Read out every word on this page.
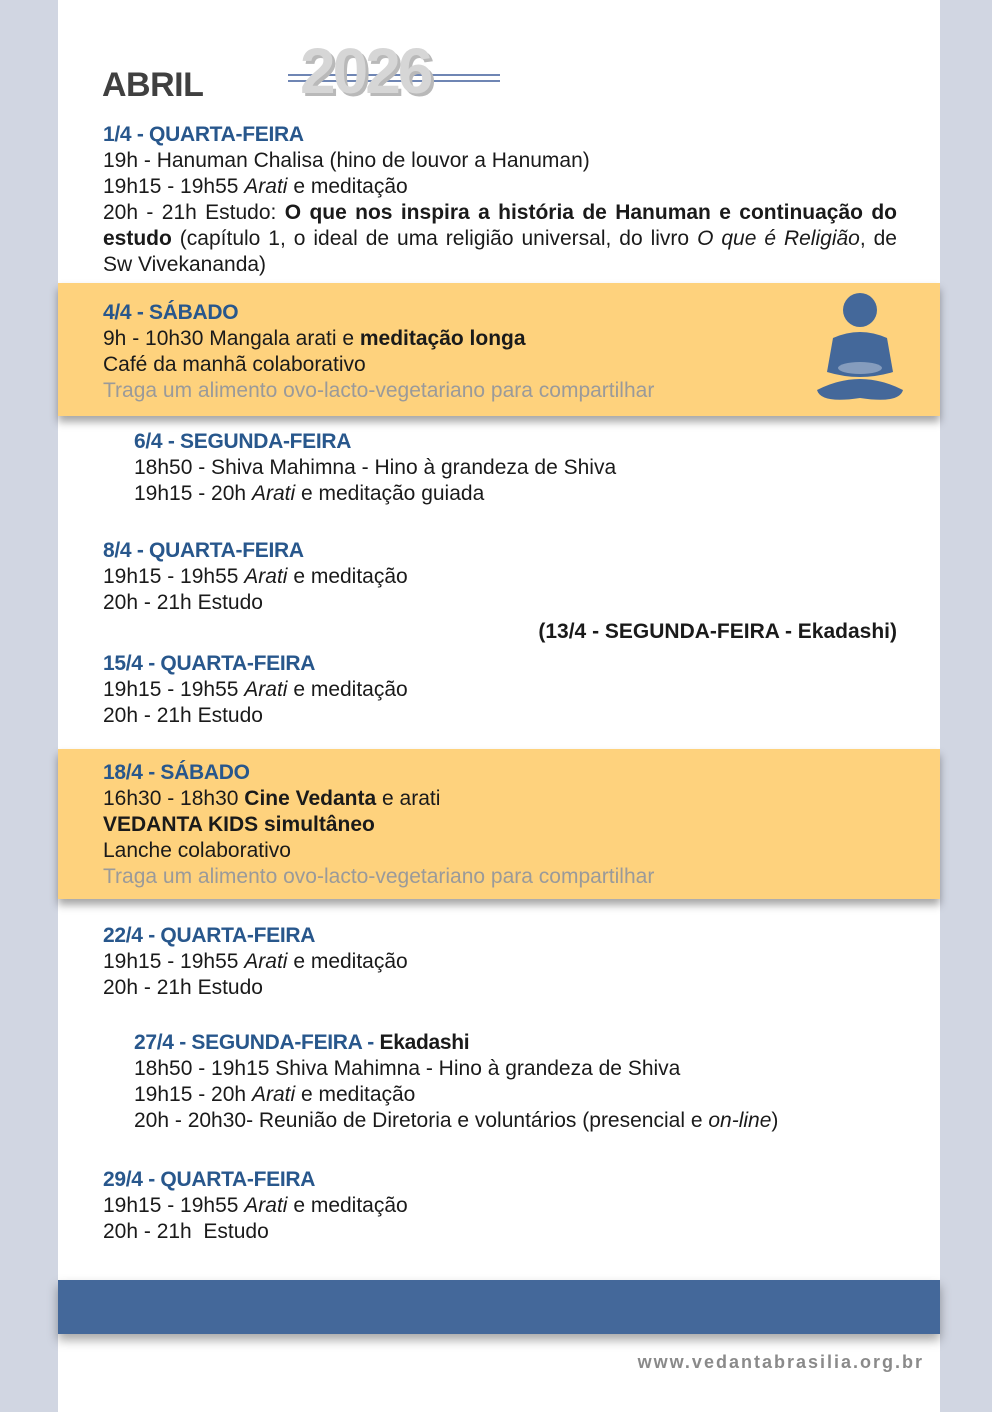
ABRIL 2026
1/4 - QUARTA-FEIRA
19h - Hanuman Chalisa (hino de louvor a Hanuman)
19h15 - 19h55 Arati e meditação
20h - 21h Estudo: O que nos inspira a história de Hanuman e continuação do estudo (capítulo 1, o ideal de uma religião universal, do livro O que é Religião, de Sw Vivekananda)
4/4 - SÁBADO
9h - 10h30 Mangala arati e meditação longa
Café da manhã colaborativo
Traga um alimento ovo-lacto-vegetariano para compartilhar
6/4 - SEGUNDA-FEIRA
18h50 - Shiva Mahimna - Hino à grandeza de Shiva
19h15 - 20h Arati e meditação guiada
8/4 - QUARTA-FEIRA
19h15 - 19h55 Arati e meditação
20h - 21h Estudo
(13/4 - SEGUNDA-FEIRA - Ekadashi)
15/4 - QUARTA-FEIRA
19h15 - 19h55 Arati e meditação
20h - 21h Estudo
18/4 - SÁBADO
16h30 - 18h30 Cine Vedanta e arati
VEDANTA KIDS simultâneo
Lanche colaborativo
Traga um alimento ovo-lacto-vegetariano para compartilhar
22/4 - QUARTA-FEIRA
19h15 - 19h55 Arati e meditação
20h - 21h Estudo
27/4 - SEGUNDA-FEIRA - Ekadashi
18h50 - 19h15 Shiva Mahimna - Hino à grandeza de Shiva
19h15 - 20h Arati e meditação
20h - 20h30- Reunião de Diretoria e voluntários (presencial e on-line)
29/4 - QUARTA-FEIRA
19h15 - 19h55 Arati e meditação
20h - 21h  Estudo
www.vedantabrasilia.org.br
